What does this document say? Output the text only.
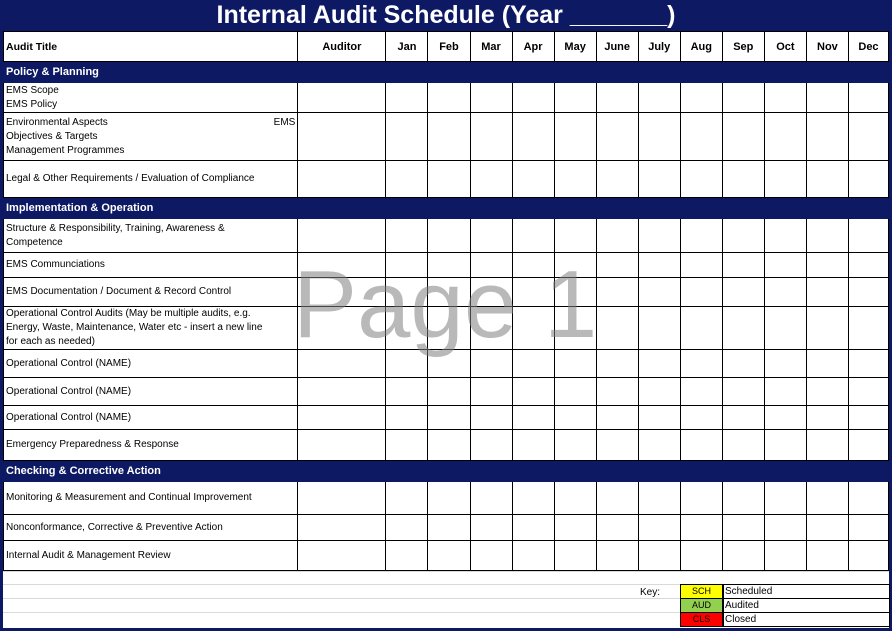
Internal Audit Schedule (Year _______)
Audit Title	Auditor	Jan	Feb	Mar	Apr	May	June	July	Aug	Sep	Oct	Nov	Dec
Policy & Planning													

EMS Scope
EMS Policy													

Environmental Aspects
Objectives & Targets
Management Programmes
EMS													

Legal & Other Requirements / Evaluation of Compliance													

Implementation & Operation													

Structure & Responsibility, Training, Awareness &
Competence													

EMS Communciations													

EMS Documentation / Document & Record Control													

Operational Control Audits (May be multiple audits, e.g.
Energy, Waste, Maintenance, Water etc - insert a new line
for each as needed)													

Operational Control (NAME)													

Operational Control (NAME)													

Operational Control (NAME)													

Emergency Preparedness & Response													

Checking & Corrective Action													

Monitoring & Measurement and Continual Improvement													

Nonconformance, Corrective & Preventive Action													

Internal Audit & Management Review													

Key:	SCH	Scheduled
AUD	Audited
CLS	Closed
Page 1
